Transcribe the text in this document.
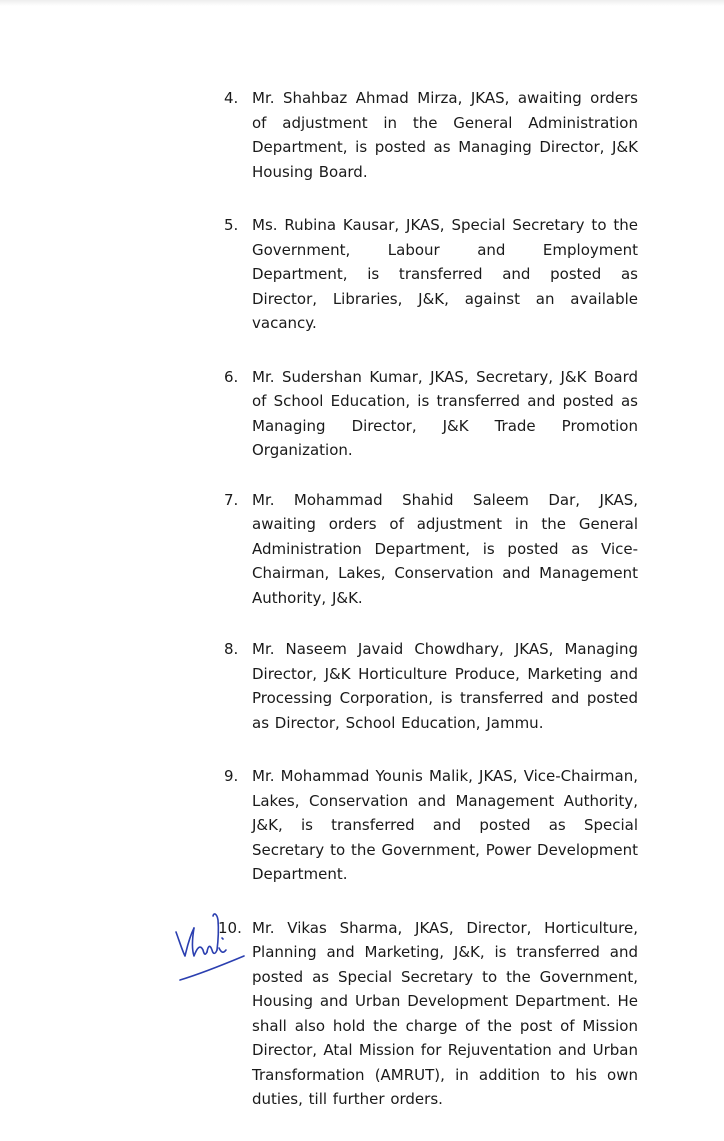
4. Mr. Shahbaz Ahmad Mirza, JKAS, awaiting orders of adjustment in the General Administration Department, is posted as Managing Director, J&K Housing Board.
5. Ms. Rubina Kausar, JKAS, Special Secretary to the Government, Labour and Employment Department, is transferred and posted as Director, Libraries, J&K, against an available vacancy.
6. Mr. Sudershan Kumar, JKAS, Secretary, J&K Board of School Education, is transferred and posted as Managing Director, J&K Trade Promotion Organization.
7. Mr. Mohammad Shahid Saleem Dar, JKAS, awaiting orders of adjustment in the General Administration Department, is posted as Vice-Chairman, Lakes, Conservation and Management Authority, J&K.
8. Mr. Naseem Javaid Chowdhary, JKAS, Managing Director, J&K Horticulture Produce, Marketing and Processing Corporation, is transferred and posted as Director, School Education, Jammu.
9. Mr. Mohammad Younis Malik, JKAS, Vice-Chairman, Lakes, Conservation and Management Authority, J&K, is transferred and posted as Special Secretary to the Government, Power Development Department.
10. Mr. Vikas Sharma, JKAS, Director, Horticulture, Planning and Marketing, J&K, is transferred and posted as Special Secretary to the Government, Housing and Urban Development Department. He shall also hold the charge of the post of Mission Director, Atal Mission for Rejuventation and Urban Transformation (AMRUT), in addition to his own duties, till further orders.
